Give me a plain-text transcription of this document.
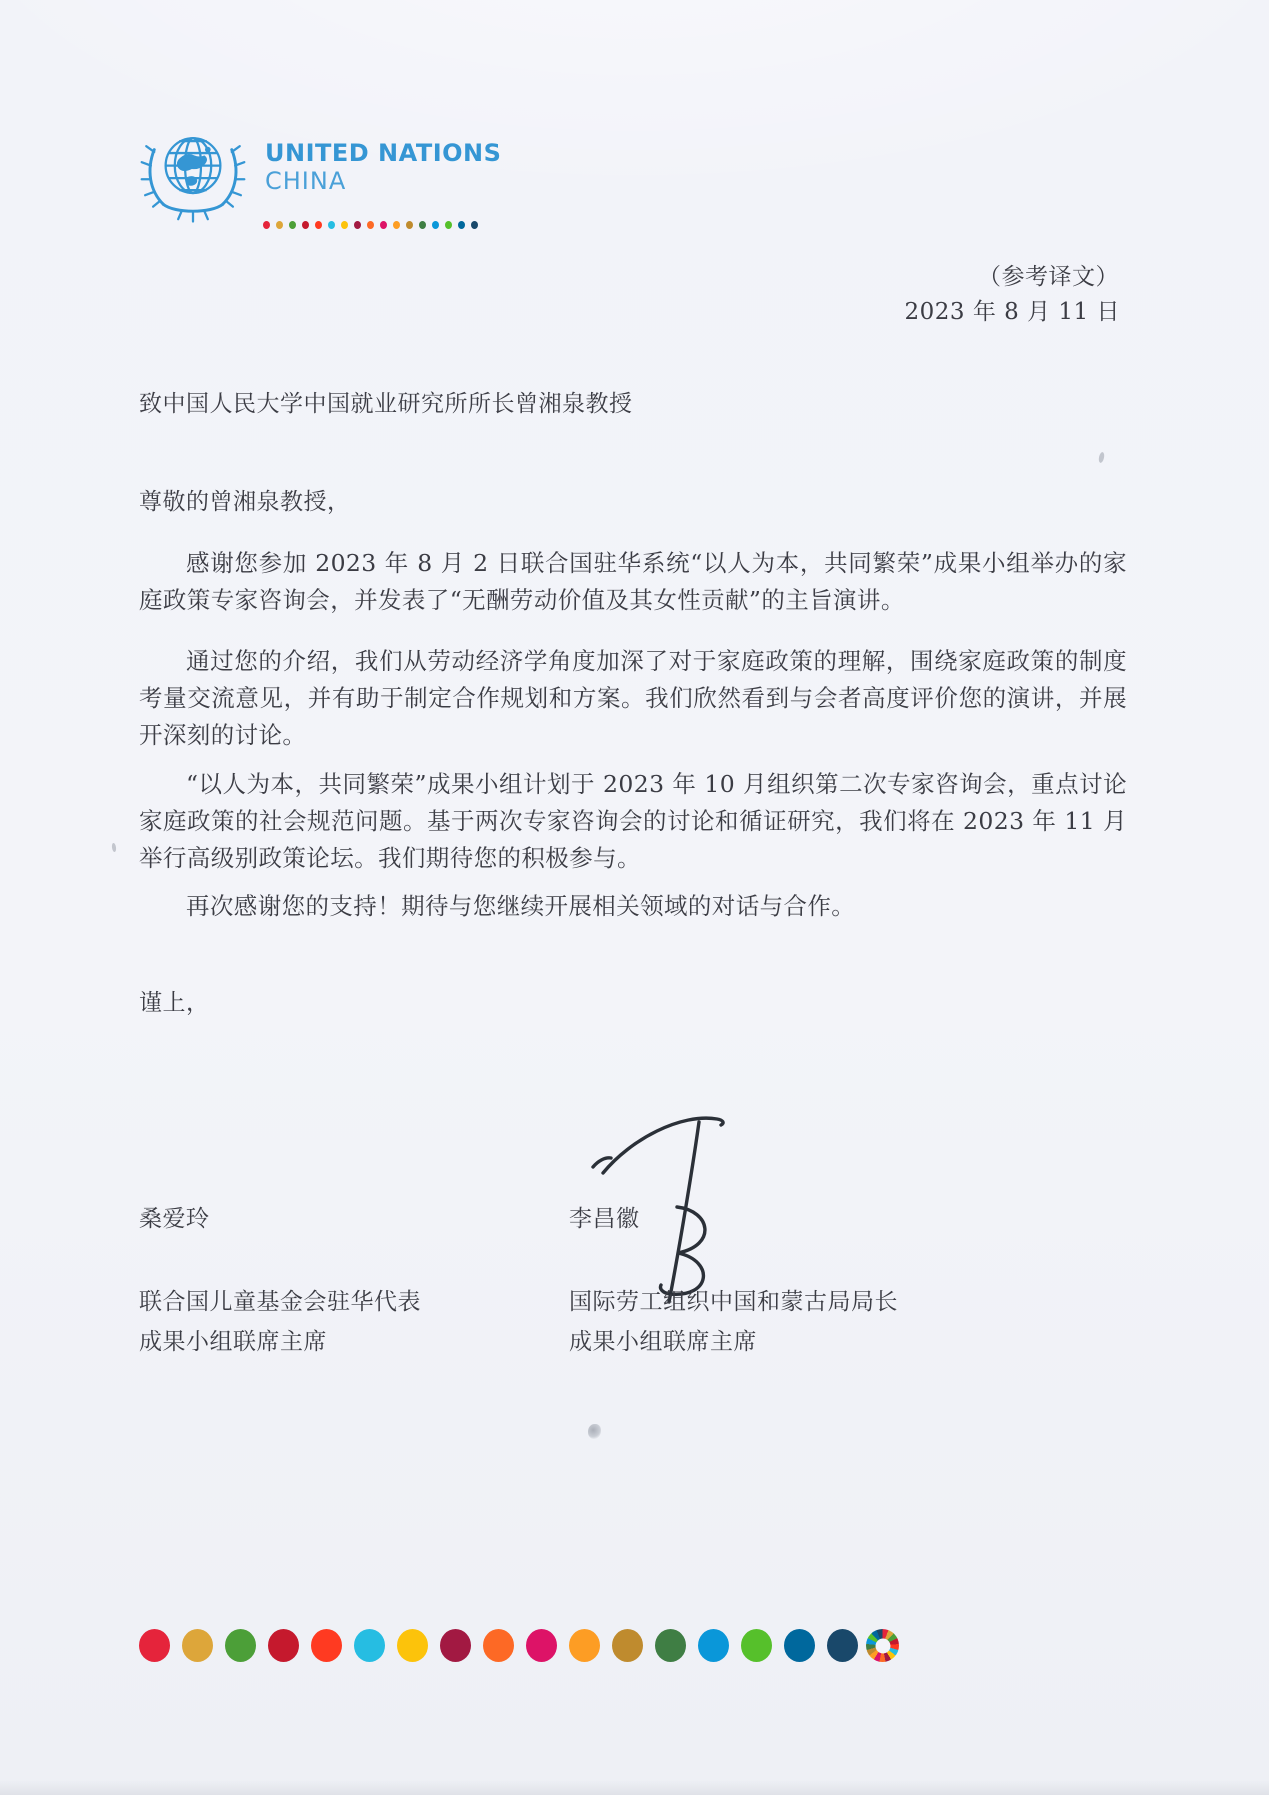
UNITED NATIONS
CHINA
（参考译文）
2023 年 8 月 11 日
致中国人民大学中国就业研究所所长曾湘泉教授
尊敬的曾湘泉教授，

感谢您参加 2023 年 8 月 2 日联合国驻华系统“以人为本，共同繁荣”成果小组举办的家庭政策专家咨询会，并发表了“无酬劳动价值及其女性贡献”的主旨演讲。

通过您的介绍，我们从劳动经济学角度加深了对于家庭政策的理解，围绕家庭政策的制度考量交流意见，并有助于制定合作规划和方案。我们欣然看到与会者高度评价您的演讲，并展开深刻的讨论。

“以人为本，共同繁荣”成果小组计划于 2023 年 10 月组织第二次专家咨询会，重点讨论家庭政策的社会规范问题。基于两次专家咨询会的讨论和循证研究，我们将在 2023 年 11 月举行高级别政策论坛。我们期待您的积极参与。

再次感谢您的支持！期待与您继续开展相关领域的对话与合作。

谨上，
桑爱玲	李昌徽
联合国儿童基金会驻华代表
成果小组联席主席
国际劳工组织中国和蒙古局局长
成果小组联席主席
